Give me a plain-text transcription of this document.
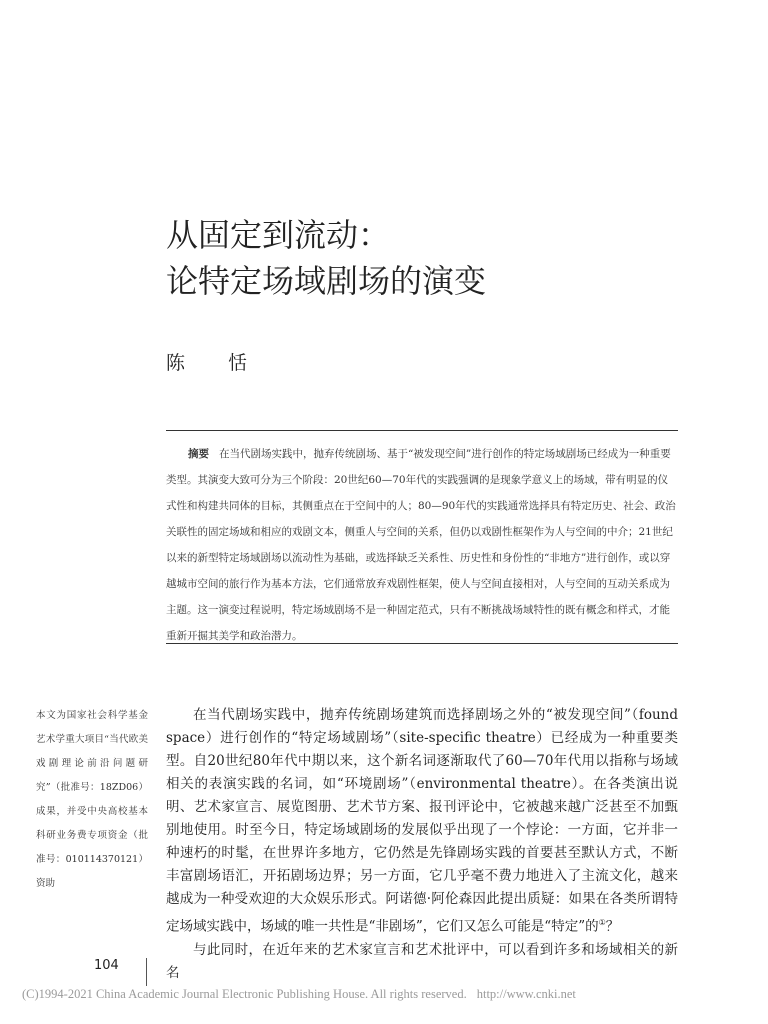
从固定到流动：
论特定场域剧场的演变
陈　恬
摘要 在当代剧场实践中，抛弃传统剧场、基于“被发现空间”进行创作的特定场域剧场已经成为一种重要类型。其演变大致可分为三个阶段：20世纪60—70年代的实践强调的是现象学意义上的场域，带有明显的仪式性和构建共同体的目标，其侧重点在于空间中的人；80—90年代的实践通常选择具有特定历史、社会、政治关联性的固定场域和相应的戏剧文本，侧重人与空间的关系，但仍以戏剧性框架作为人与空间的中介；21世纪以来的新型特定场域剧场以流动性为基础，或选择缺乏关系性、历史性和身份性的“非地方”进行创作，或以穿越城市空间的旅行作为基本方法，它们通常放弃戏剧性框架，使人与空间直接相对，人与空间的互动关系成为主题。这一演变过程说明，特定场域剧场不是一种固定范式，只有不断挑战场域特性的既有概念和样式，才能重新开掘其美学和政治潜力。
本文为国家社会科学基金艺术学重大项目“当代欧美戏剧理论前沿问题研究”（批准号：18ZD06）成果，并受中央高校基本科研业务费专项资金（批准号：010114370121）资助

在当代剧场实践中，抛弃传统剧场建筑而选择剧场之外的“被发现空间”（found space）进行创作的“特定场域剧场”（site-specific theatre）已经成为一种重要类型。自20世纪80年代中期以来，这个新名词逐渐取代了60—70年代用以指称与场域相关的表演实践的名词，如“环境剧场”（environmental theatre）。在各类演出说明、艺术家宣言、展览图册、艺术节方案、报刊评论中，它被越来越广泛甚至不加甄别地使用。时至今日，特定场域剧场的发展似乎出现了一个悖论：一方面，它并非一种速朽的时髦，在世界许多地方，它仍然是先锋剧场实践的首要甚至默认方式，不断丰富剧场语汇，开拓剧场边界；另一方面，它几乎毫不费力地进入了主流文化，越来越成为一种受欢迎的大众娱乐形式。阿诺德·阿伦森因此提出质疑：如果在各类所谓特定场域实践中，场域的唯一共性是“非剧场”，它们又怎么可能是“特定”的①？

与此同时，在近年来的艺术家宣言和艺术批评中，可以看到许多和场域相关的新名

104
(C)1994-2021 China Academic Journal Electronic Publishing House. All rights reserved. http://www.cnki.net
